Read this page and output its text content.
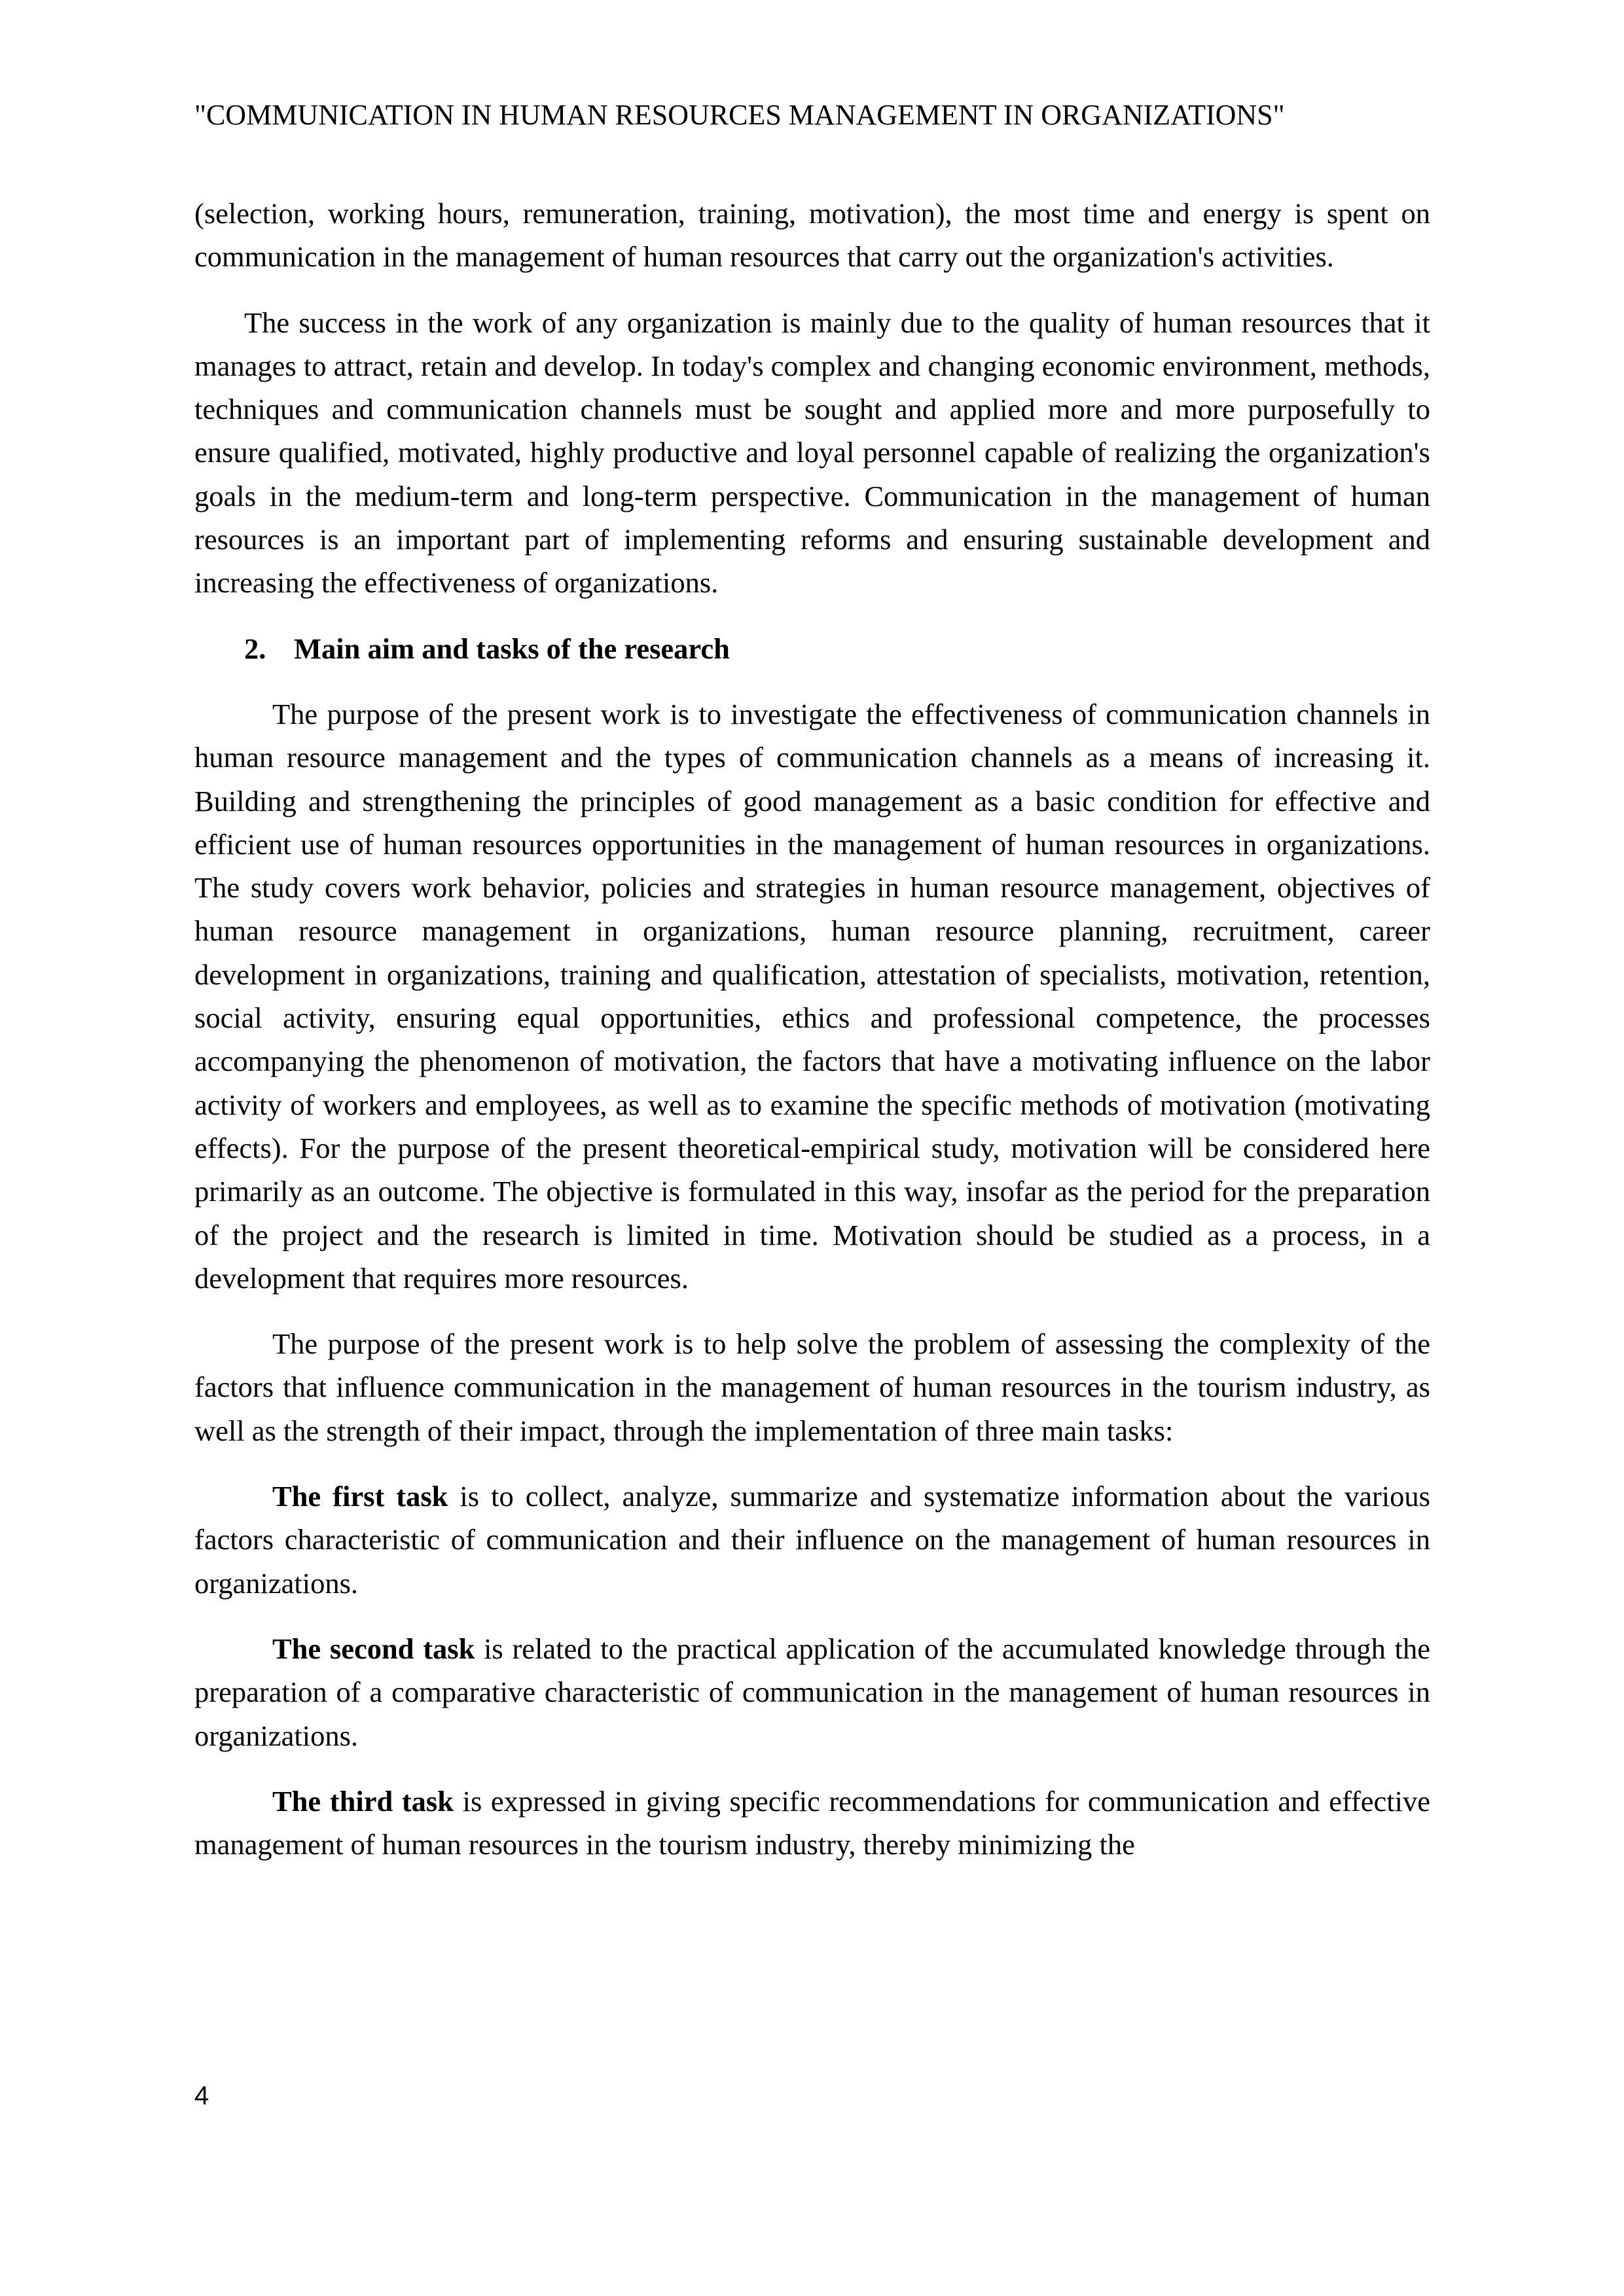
"COMMUNICATION IN HUMAN RESOURCES MANAGEMENT IN ORGANIZATIONS"

(selection, working hours, remuneration, training, motivation), the most time and energy is spent on communication in the management of human resources that carry out the organization's activities.

The success in the work of any organization is mainly due to the quality of human resources that it manages to attract, retain and develop. In today's complex and changing economic environment, methods, techniques and communication channels must be sought and applied more and more purposefully to ensure qualified, motivated, highly productive and loyal personnel capable of realizing the organization's goals in the medium-term and long-term perspective. Communication in the management of human resources is an important part of implementing reforms and ensuring sustainable development and increasing the effectiveness of organizations.

2. Main aim and tasks of the research

The purpose of the present work is to investigate the effectiveness of communication channels in human resource management and the types of communication channels as a means of increasing it. Building and strengthening the principles of good management as a basic condition for effective and efficient use of human resources opportunities in the management of human resources in organizations. The study covers work behavior, policies and strategies in human resource management, objectives of human resource management in organizations, human resource planning, recruitment, career development in organizations, training and qualification, attestation of specialists, motivation, retention, social activity, ensuring equal opportunities, ethics and professional competence, the processes accompanying the phenomenon of motivation, the factors that have a motivating influence on the labor activity of workers and employees, as well as to examine the specific methods of motivation (motivating effects). For the purpose of the present theoretical-empirical study, motivation will be considered here primarily as an outcome. The objective is formulated in this way, insofar as the period for the preparation of the project and the research is limited in time. Motivation should be studied as a process, in a development that requires more resources.

The purpose of the present work is to help solve the problem of assessing the complexity of the factors that influence communication in the management of human resources in the tourism industry, as well as the strength of their impact, through the implementation of three main tasks:

The first task is to collect, analyze, summarize and systematize information about the various factors characteristic of communication and their influence on the management of human resources in organizations.

The second task is related to the practical application of the accumulated knowledge through the preparation of a comparative characteristic of communication in the management of human resources in organizations.

The third task is expressed in giving specific recommendations for communication and effective management of human resources in the tourism industry, thereby minimizing the

4
